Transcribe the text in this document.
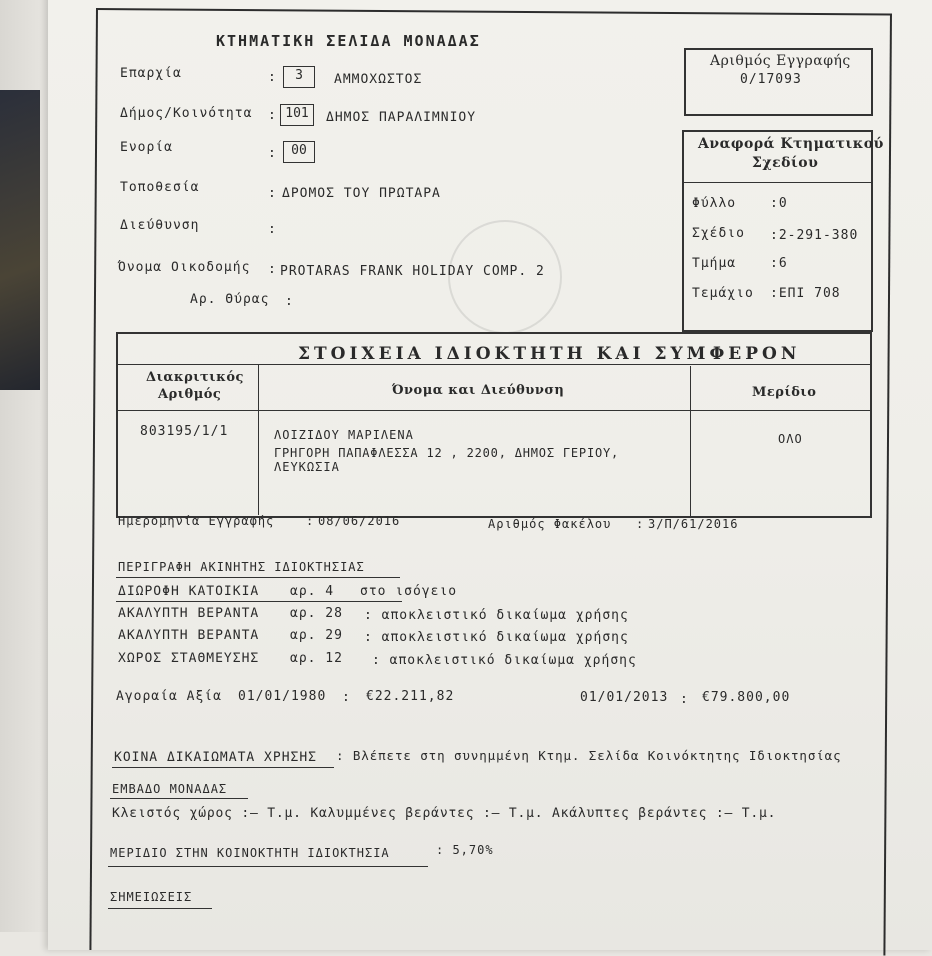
ΚΤΗΜΑΤΙΚΗ ΣΕΛΙΔΑ ΜΟΝΑΔΑΣ
Αριθμός Εγγραφής
0/17093
Επαρχία	:	3	ΑΜΜΟΧΩΣΤΟΣ
Δήμος/Κοινότητα : 101	ΔΗΜΟΣ ΠΑΡΑΛΙΜΝΙΟΥ
Ενορία	:	00
Τοποθεσία	: ΔΡΟΜΟΣ ΤΟΥ ΠΡΩΤΑΡΑ
Διεύθυνση	:
Όνομα Οικοδομής : PROTARAS FRANK HOLIDAY COMP. 2
Αρ. Θύρας :
Αναφορά Κτηματικού
Σχεδίου
Φύλλο	:0
Σχέδιο :2-291-380
Τμήμα	:6
Τεμάχιο :ΕΠΙ 708
ΣΤΟΙΧΕΙΑ ΙΔΙΟΚΤΗΤΗ ΚΑΙ ΣΥΜΦΕΡΟΝ
Διακριτικός
Αριθμός	Όνομα και Διεύθυνση	Μερίδιο
803195/1/1	ΛΟΙΖΙΔΟΥ ΜΑΡΙΛΕΝΑ
ΓΡΗΓΟΡΗ ΠΑΠΑΦΛΕΣΣΑ 12 , 2200, ΔΗΜΟΣ ΓΕΡΙΟΥ,
ΛΕΥΚΩΣΙΑ
ΟΛΟ
Ημερομηνία Εγγραφής	: 08/06/2016	Αριθμός Φακέλου : 3/Π/61/2016
ΠΕΡΙΓΡΑΦΗ ΑΚΙΝΗΤΗΣ ΙΔΙΟΚΤΗΣΙΑΣ
ΔΙΩΡΟΦΗ ΚΑΤΟΙΚΙΑ αρ. 4 στο ισόγειο
ΑΚΑΛΥΠΤΗ ΒΕΡΑΝΤΑ αρ. 28 : αποκλειστικό δικαίωμα χρήσης
ΑΚΑΛΥΠΤΗ ΒΕΡΑΝΤΑ αρ. 29 : αποκλειστικό δικαίωμα χρήσης
ΧΩΡΟΣ ΣΤΑΘΜΕΥΣΗΣ αρ. 12 : αποκλειστικό δικαίωμα χρήσης
Αγοραία Αξία 01/01/1980 : €22.211,82	01/01/2013 : €79.800,00
ΚΟΙΝΑ ΔΙΚΑΙΩΜΑΤΑ ΧΡΗΣΗΣ : Βλέπετε στη συνημμένη Κτημ. Σελίδα Κοινόκτητης Ιδιοκτησίας
ΕΜΒΑΔΟ ΜΟΝΑΔΑΣ
Κλειστός χώρος :— Τ.μ. Καλυμμένες βεράντες :— Τ.μ. Ακάλυπτες βεράντες :— Τ.μ.
ΜΕΡΙΔΙΟ ΣΤΗΝ ΚΟΙΝΟΚΤΗΤΗ ΙΔΙΟΚΤΗΣΙΑ	: 5,70%
ΣΗΜΕΙΩΣΕΙΣ
